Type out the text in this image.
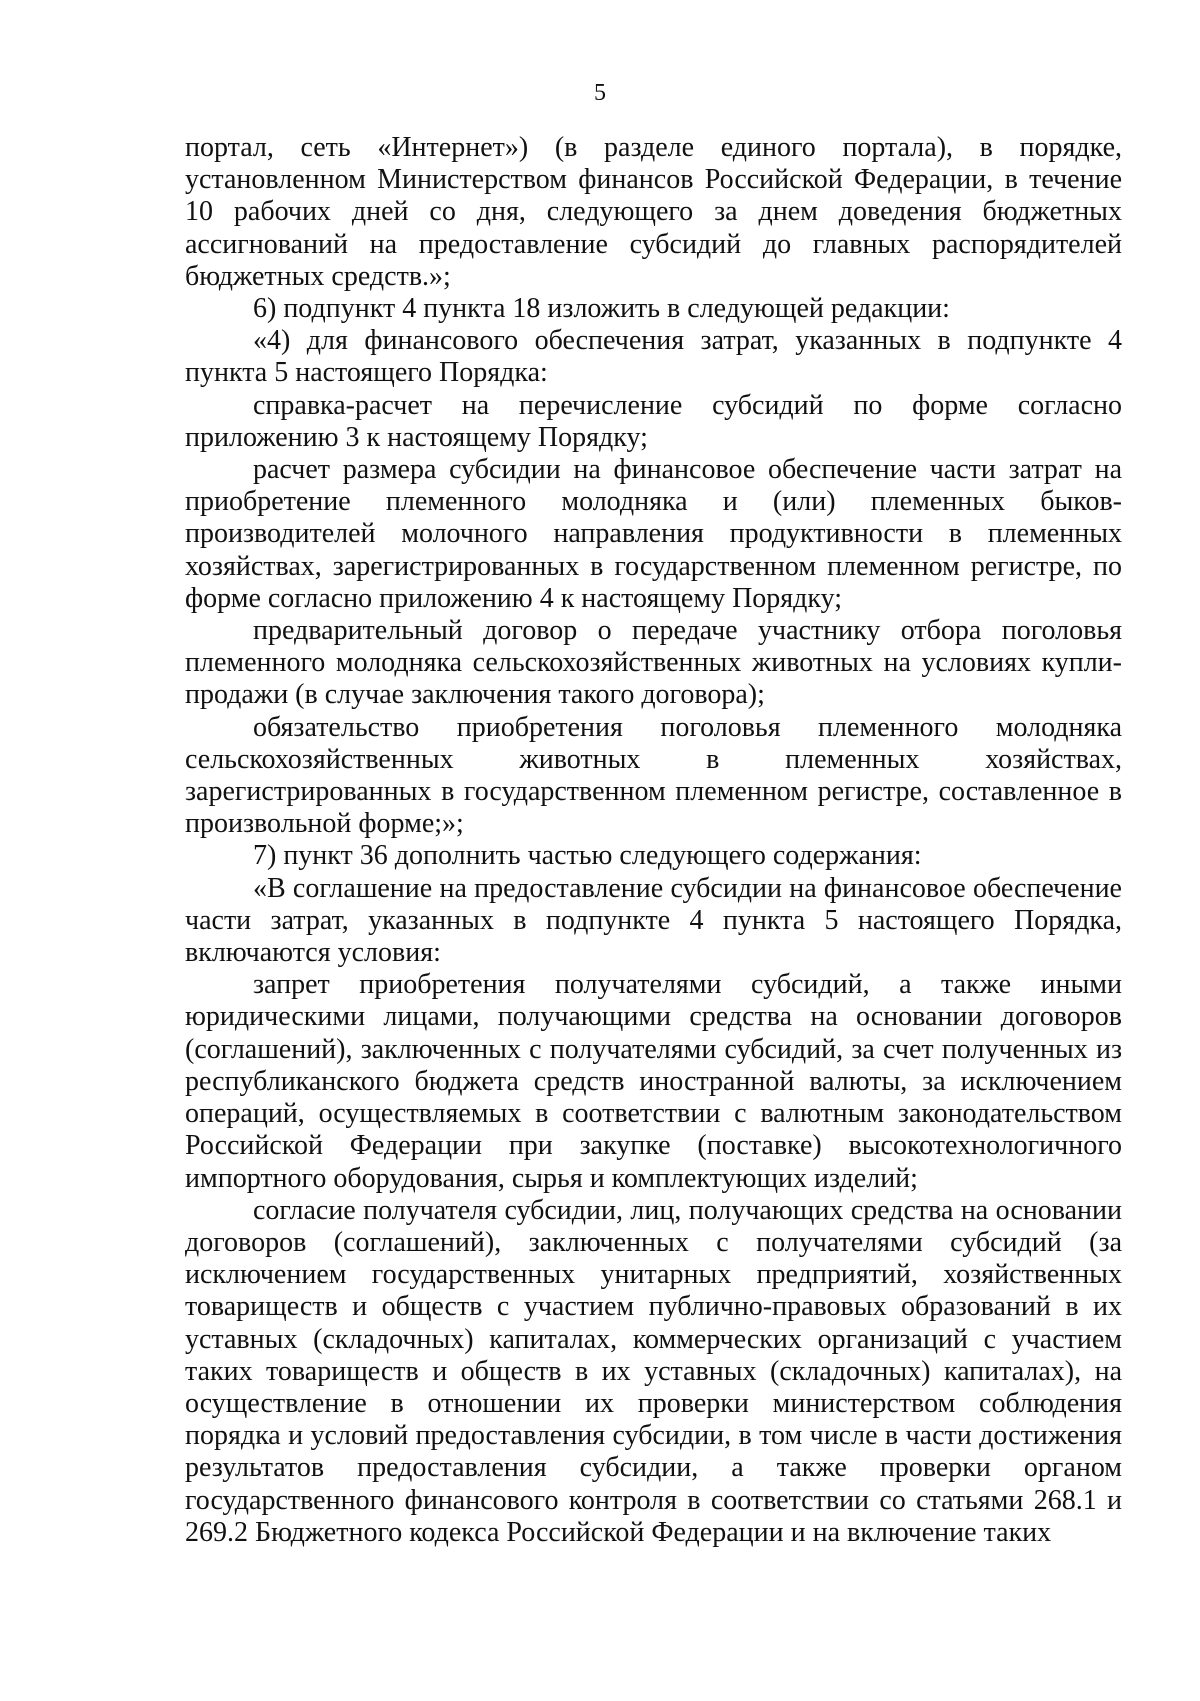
5

портал, сеть «Интернет») (в разделе единого портала), в порядке, установленном Министерством финансов Российской Федерации, в течение 10 рабочих дней со дня, следующего за днем доведения бюджетных ассигнований на предоставление субсидий до главных распорядителей бюджетных средств.»;

6) подпункт 4 пункта 18 изложить в следующей редакции:

«4) для финансового обеспечения затрат, указанных в подпункте 4 пункта 5 настоящего Порядка:

справка-расчет на перечисление субсидий по форме согласно приложению 3 к настоящему Порядку;

расчет размера субсидии на финансовое обеспечение части затрат на приобретение племенного молодняка и (или) племенных быков-производителей молочного направления продуктивности в племенных хозяйствах, зарегистрированных в государственном племенном регистре, по форме согласно приложению 4 к настоящему Порядку;

предварительный договор о передаче участнику отбора поголовья племенного молодняка сельскохозяйственных животных на условиях купли-продажи (в случае заключения такого договора);

обязательство приобретения поголовья племенного молодняка сельскохозяйственных животных в племенных хозяйствах, зарегистрированных в государственном племенном регистре, составленное в произвольной форме;»;

7) пункт 36 дополнить частью следующего содержания:

«В соглашение на предоставление субсидии на финансовое обеспечение части затрат, указанных в подпункте 4 пункта 5 настоящего Порядка, включаются условия:

запрет приобретения получателями субсидий, а также иными юридическими лицами, получающими средства на основании договоров (соглашений), заключенных с получателями субсидий, за счет полученных из республиканского бюджета средств иностранной валюты, за исключением операций, осуществляемых в соответствии с валютным законодательством Российской Федерации при закупке (поставке) высокотехнологичного импортного оборудования, сырья и комплектующих изделий;

согласие получателя субсидии, лиц, получающих средства на основании договоров (соглашений), заключенных с получателями субсидий (за исключением государственных унитарных предприятий, хозяйственных товариществ и обществ с участием публично-правовых образований в их уставных (складочных) капиталах, коммерческих организаций с участием таких товариществ и обществ в их уставных (складочных) капиталах), на осуществление в отношении их проверки министерством соблюдения порядка и условий предоставления субсидии, в том числе в части достижения результатов предоставления субсидии, а также проверки органом государственного финансового контроля в соответствии со статьями 268.1 и 269.2 Бюджетного кодекса Российской Федерации и на включение таких
